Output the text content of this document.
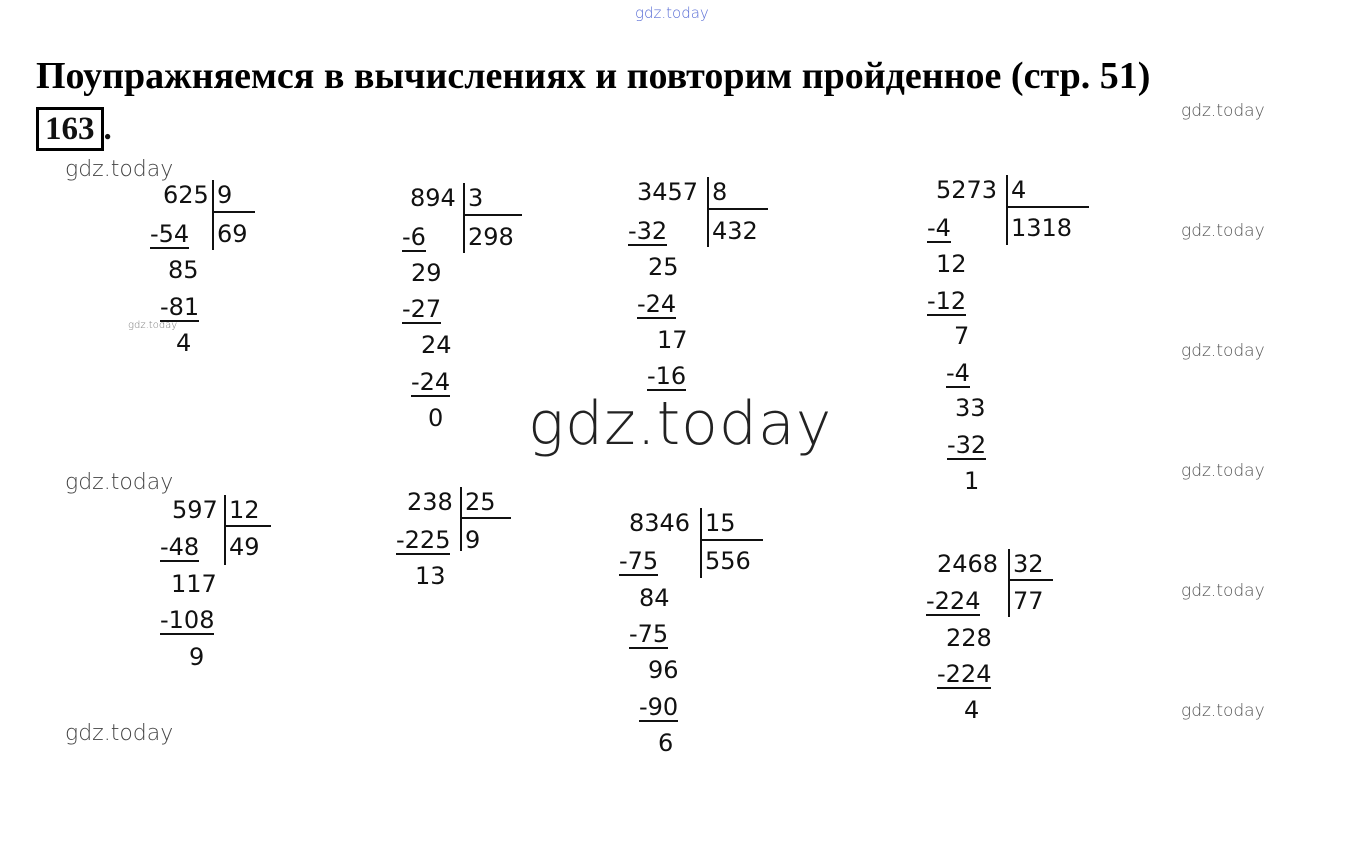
gdz.today
gdz.today
gdz.today
gdz.today
gdz.today
gdz.today
gdz.today
gdz.today
gdz.today
gdz.today
gdz.today
gdz.today
Поупражняемся в вычислениях и повторим пройденное (стр. 51)
163 .
625 9
69
-54
85
-81
4
894 3
298
-6
29
-27
24
-24
0
3457 8
432
-32
25
-24
17
-16
5273 4
1318
-4
12
-12
7
-4
33
-32
1
597 12
49
-48
117
-108
9
238 25
9
-225
13
8346 15
556
-75
84
-75
96
-90
6
2468 32
77
-224
228
-224
4
